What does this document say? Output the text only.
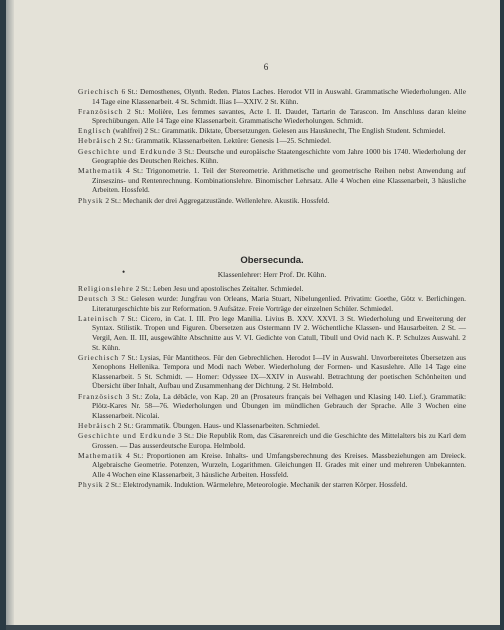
6
Griechisch 6 St.: Demosthenes, Olynth. Reden. Platos Laches. Herodot VII in Auswahl. Grammatische Wiederholungen. Alle 14 Tage eine Klassenarbeit. 4 St. Schmidt. Ilias I—XXIV. 2 St. Kühn.
Französisch 2 St.: Molière, Les femmes savantes, Acte I. II. Daudet, Tartarin de Tarascon. Im Anschluss daran kleine Sprechübungen. Alle 14 Tage eine Klassenarbeit. Grammatische Wiederholungen. Schmidt.
Englisch (wahlfrei) 2 St.: Grammatik. Diktate, Übersetzungen. Gelesen aus Hausknecht, The English Student. Schmiedel.
Hebräisch 2 St.: Grammatik. Klassenarbeiten. Lektüre: Genesis 1—25. Schmiedel.
Geschichte und Erdkunde 3 St.: Deutsche und europäische Staatengeschichte vom Jahre 1000 bis 1740. Wiederholung der Geographie des Deutschen Reiches. Kühn.
Mathematik 4 St.: Trigonometrie. 1. Teil der Stereometrie. Arithmetische und geometrische Reihen nebst Anwendung auf Zinseszins- und Rentenrechnung. Kombinationslehre. Binomischer Lehrsatz. Alle 4 Wochen eine Klassenarbeit, 3 häusliche Arbeiten. Hossfeld.
Physik 2 St.: Mechanik der drei Aggregatzustände. Wellenlehre. Akustik. Hossfeld.
Obersecunda.
•	Klassenlehrer: Herr Prof. Dr. Kühn.
Religionslehre 2 St.: Leben Jesu und apostolisches Zeitalter. Schmiedel.
Deutsch 3 St.: Gelesen wurde: Jungfrau von Orleans, Maria Stuart, Nibelungenlied. Privatim: Goethe, Götz v. Berlichingen. Literaturgeschichte bis zur Reformation. 9 Aufsätze. Freie Vorträge der einzelnen Schüler. Schmiedel.
Lateinisch 7 St.: Cicero, in Cat. I. III. Pro lege Manilia. Livius B. XXV. XXVI. 3 St. Wiederholung und Erweiterung der Syntax. Stilistik. Tropen und Figuren. Übersetzen aus Ostermann IV 2. Wöchentliche Klassen- und Hausarbeiten. 2 St. — Vergil, Aen. II. III, ausgewählte Abschnitte aus V. VI. Gedichte von Catull, Tibull und Ovid nach K. P. Schulzes Auswahl. 2 St. Kühn.
Griechisch 7 St.: Lysias, Für Mantitheos. Für den Gebrechlichen. Herodot I—IV in Auswahl. Unvorbereitetes Übersetzen aus Xenophons Hellenika. Tempora und Modi nach Weber. Wiederholung der Formen- und Kasuslehre. Alle 14 Tage eine Klassenarbeit. 5 St. Schmidt. — Homer: Odyssee IX—XXIV in Auswahl. Betrachtung der poetischen Schönheiten und Übersicht über Inhalt, Aufbau und Zusammenhang der Dichtung. 2 St. Helmbold.
Französisch 3 St.: Zola, La débâcle, von Kap. 20 an (Prosateurs français bei Velhagen und Klasing 140. Lief.). Grammatik: Plötz-Kares Nr. 58—76. Wiederholungen und Übungen im mündlichen Gebrauch der Sprache. Alle 3 Wochen eine Klassenarbeit. Nicolai.
Hebräisch 2 St.: Grammatik. Übungen. Haus- und Klassenarbeiten. Schmiedel.
Geschichte und Erdkunde 3 St.: Die Republik Rom, das Cäsarenreich und die Geschichte des Mittelalters bis zu Karl dem Grossen. — Das ausserdeutsche Europa. Helmbold.
Mathematik 4 St.: Proportionen am Kreise. Inhalts- und Umfangsberechnung des Kreises. Massbeziehungen am Dreieck. Algebraische Geometrie. Potenzen, Wurzeln, Logarithmen. Gleichungen II. Grades mit einer und mehreren Unbekannten. Alle 4 Wochen eine Klassenarbeit, 3 häusliche Arbeiten. Hossfeld.
Physik 2 St.: Elektrodynamik. Induktion. Wärmelehre, Meteorologie. Mechanik der starren Körper. Hossfeld.
